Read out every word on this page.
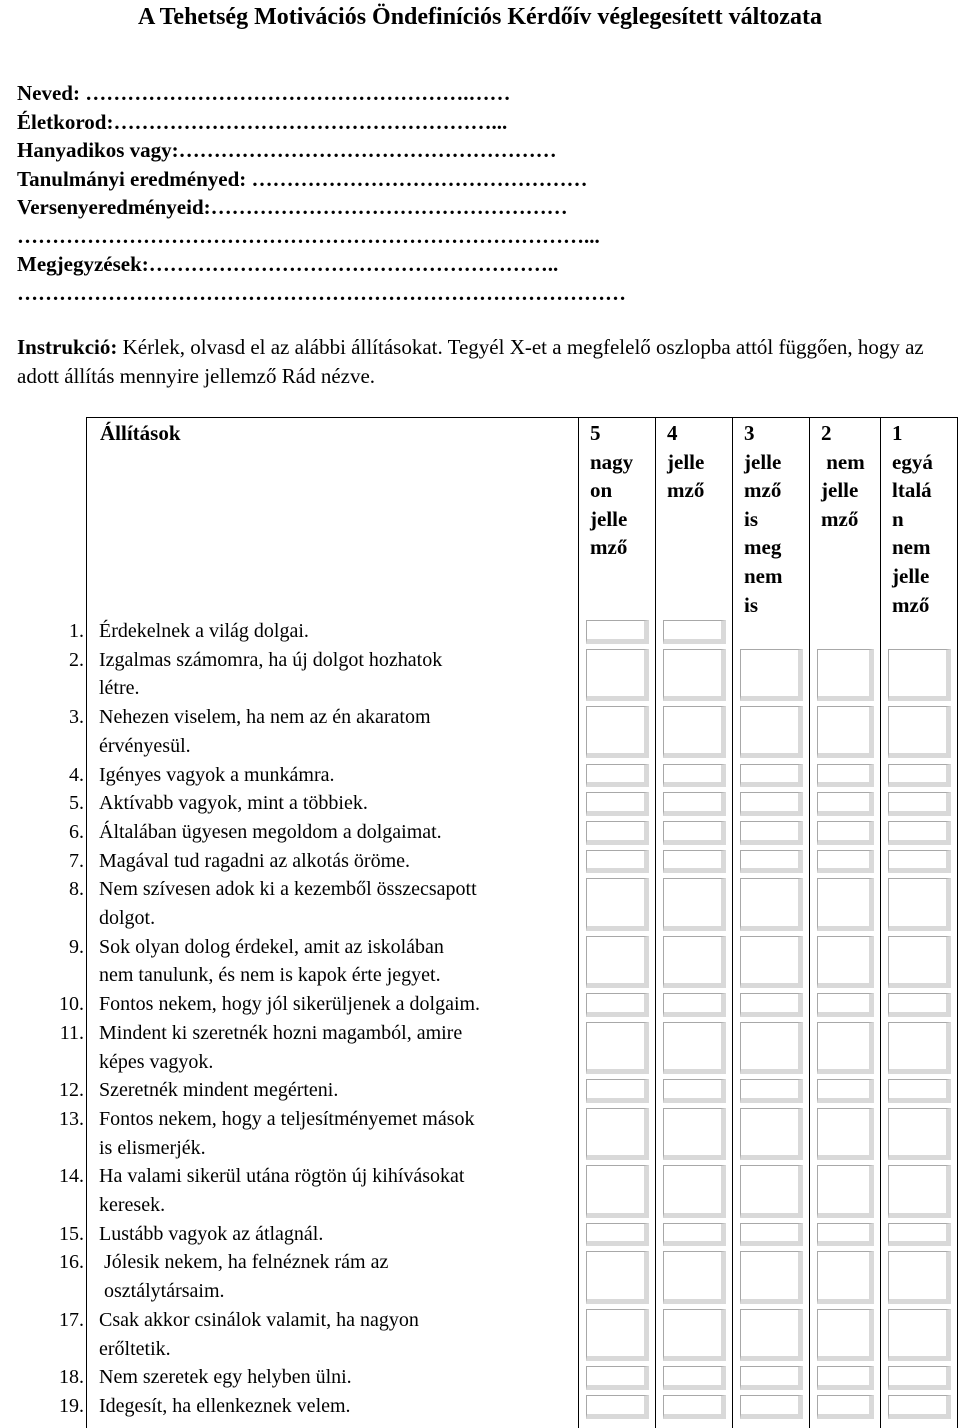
A Tehetség Motivációs Öndefiníciós Kérdőív véglegesített változata
Neved: ……………………………………………….……
Életkorod:………………………………………………...
Hanyadikos vagy:………………………………………………
Tanulmányi eredményed: …………………………………………
Versenyeredményeid:……………………………………………
………………………………………………………………………...
Megjegyzések:…………………………………………………..
……………………………………………………………………………
Instrukció: Kérlek, olvasd el az alábbi állításokat. Tegyél X-et a megfelelő oszlopba attól függően, hogy az adott állítás mennyire jellemző Rád nézve.
Állítások	5
nagy
on
jelle
mző
4
jelle
mző
3
jelle
mző
is
meg
nem
is
2
nem
jelle
mző
1
egyá
ltalá
n
nem
jelle
mző
1. Érdekelnek a világ dolgai.
2. Izgalmas számomra, ha új dolgot hozhatok
létre.
3. Nehezen viselem, ha nem az én akaratom
érvényesül.
4. Igényes vagyok a munkámra.
5. Aktívabb vagyok, mint a többiek.
6. Általában ügyesen megoldom a dolgaimat.
7. Magával tud ragadni az alkotás öröme.
8. Nem szívesen adok ki a kezemből összecsapott
dolgot.
9. Sok olyan dolog érdekel, amit az iskolában
nem tanulunk, és nem is kapok érte jegyet.
10. Fontos nekem, hogy jól sikerüljenek a dolgaim.
11. Mindent ki szeretnék hozni magamból, amire
képes vagyok.
12. Szeretnék mindent megérteni.
13. Fontos nekem, hogy a teljesítményemet mások
is elismerjék.
14. Ha valami sikerül utána rögtön új kihívásokat
keresek.
15. Lustább vagyok az átlagnál.
16. Jólesik nekem, ha felnéznek rám az
osztálytársaim.
17. Csak akkor csinálok valamit, ha nagyon
erőltetik.
18. Nem szeretek egy helyben ülni.
19. Idegesít, ha ellenkeznek velem.
